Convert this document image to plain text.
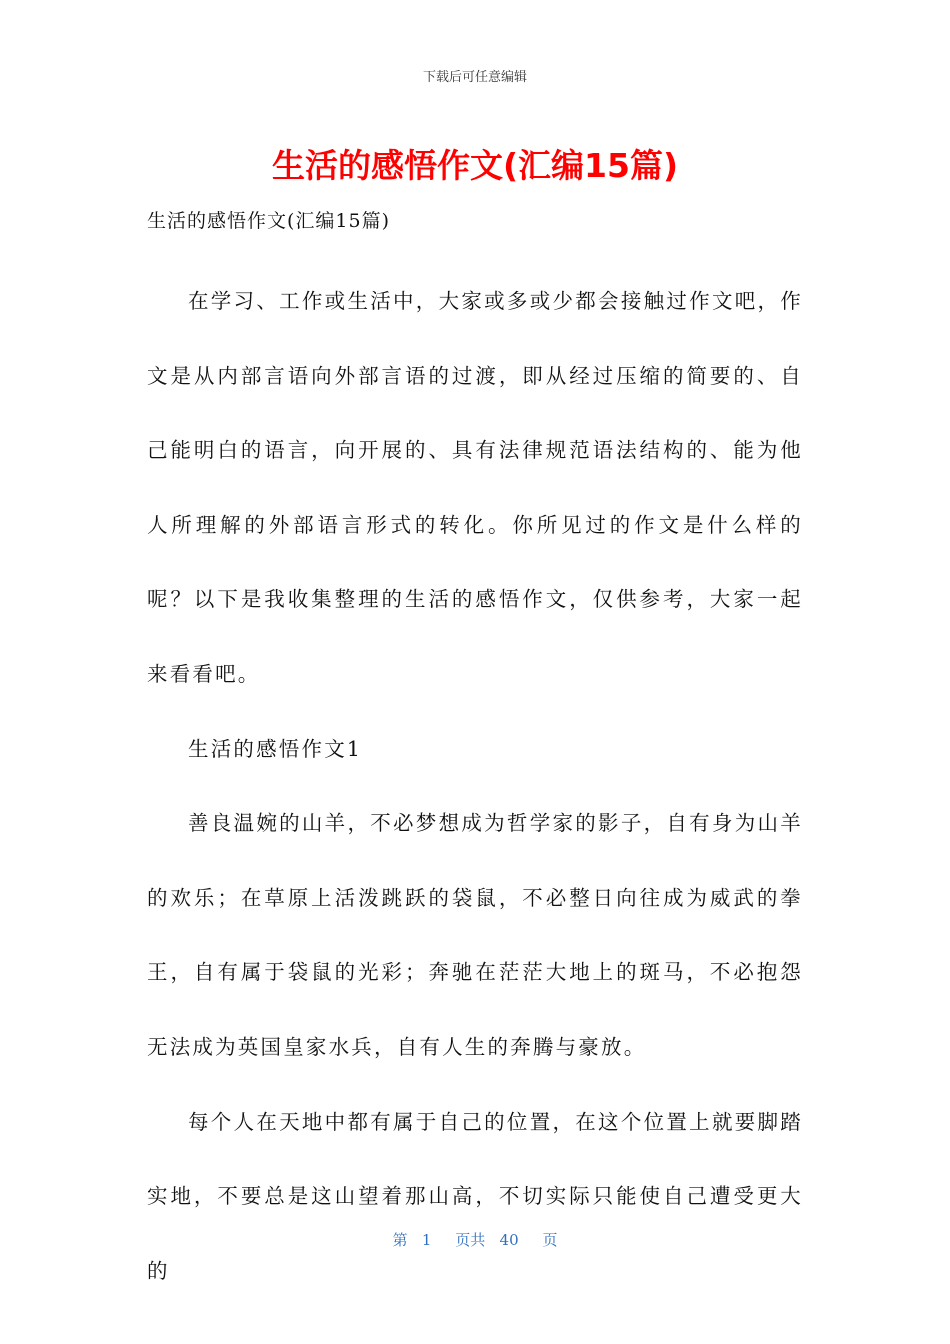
下载后可任意编辑
生活的感悟作文(汇编15篇)
生活的感悟作文(汇编15篇)

在学习、工作或生活中，大家或多或少都会接触过作文吧，作文是从内部言语向外部言语的过渡，即从经过压缩的简要的、自己能明白的语言，向开展的、具有法律规范语法结构的、能为他人所理解的外部语言形式的转化。你所见过的作文是什么样的呢？以下是我收集整理的生活的感悟作文，仅供参考，大家一起来看看吧。

生活的感悟作文1

善良温婉的山羊，不必梦想成为哲学家的影子，自有身为山羊的欢乐；在草原上活泼跳跃的袋鼠，不必整日向往成为威武的拳王，自有属于袋鼠的光彩；奔驰在茫茫大地上的斑马，不必抱怨无法成为英国皇家水兵，自有人生的奔腾与豪放。

每个人在天地中都有属于自己的位置，在这个位置上就要脚踏实地，不要总是这山望着那山高，不切实际只能使自己遭受更大的

第 1 页共 40 页
